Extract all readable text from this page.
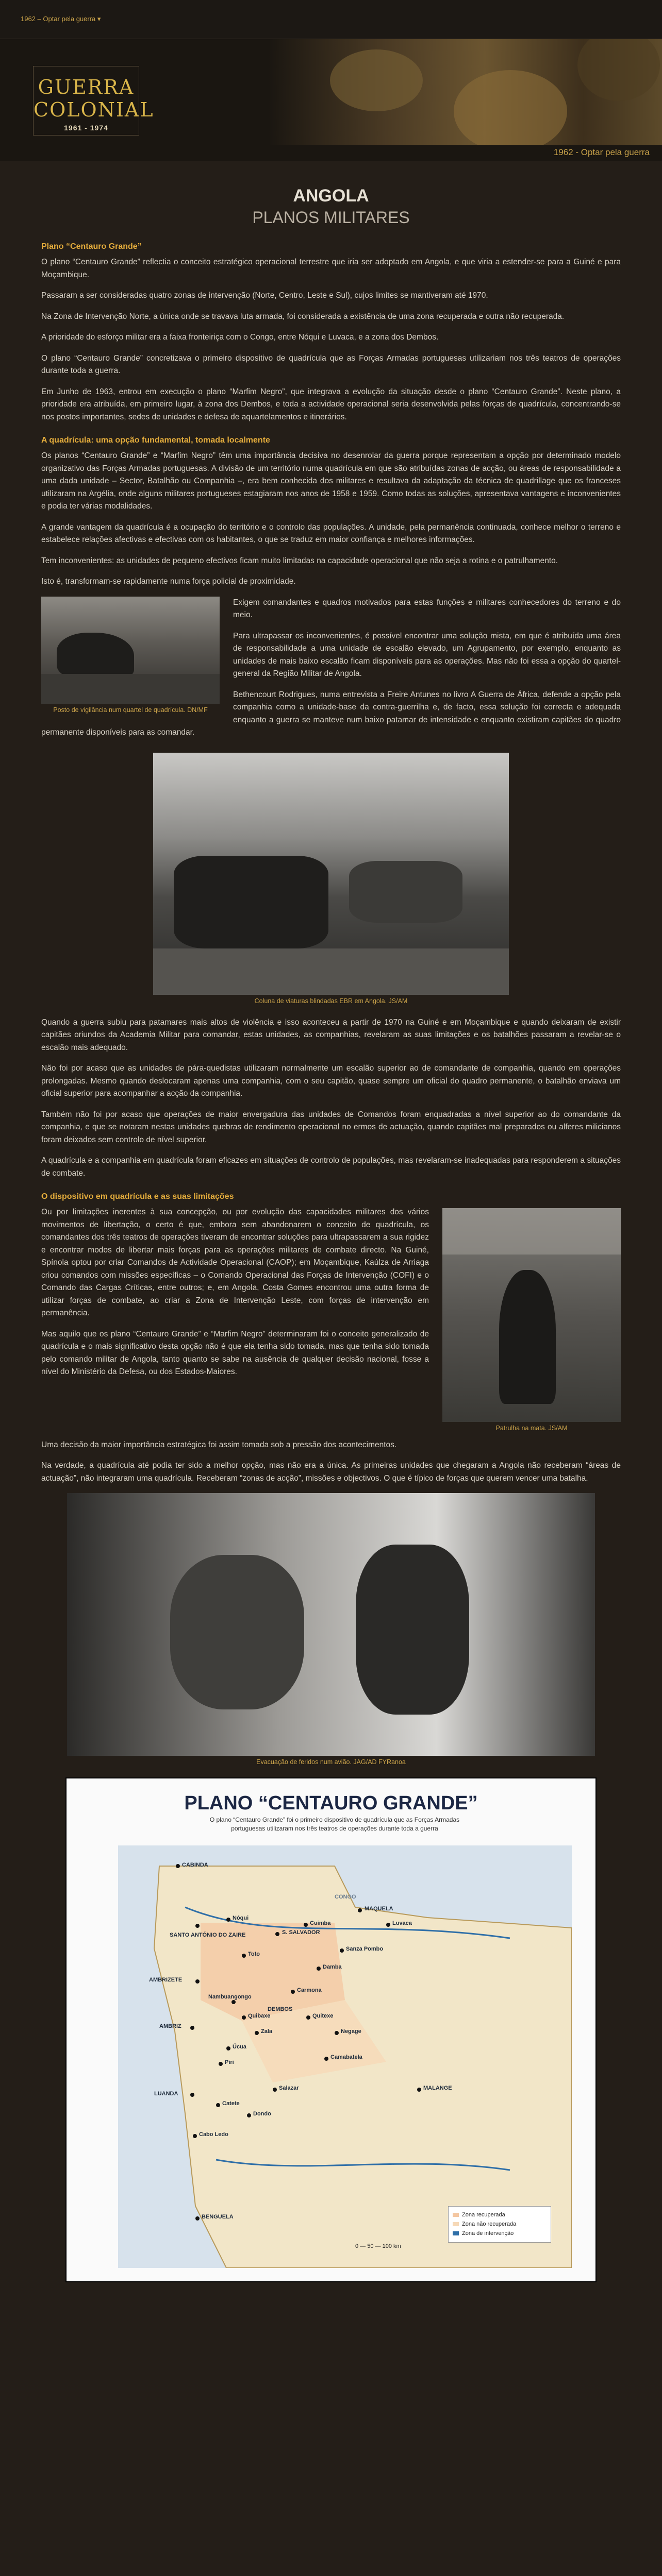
1962 – Optar pela guerra ▾
GUERRA COLONIAL
1961 - 1974
1962 - Optar pela guerra
ANGOLA
PLANOS MILITARES
Plano “Centauro Grande”

O plano “Centauro Grande” reflectia o conceito estratégico operacional terrestre que iria ser adoptado em Angola, e que viria a estender-se para a Guiné e para Moçambique.

Passaram a ser consideradas quatro zonas de intervenção (Norte, Centro, Leste e Sul), cujos limites se mantiveram até 1970.

Na Zona de Intervenção Norte, a única onde se travava luta armada, foi considerada a existência de uma zona recuperada e outra não recuperada.

A prioridade do esforço militar era a faixa fronteiriça com o Congo, entre Nóqui e Luvaca, e a zona dos Dembos.

O plano “Centauro Grande” concretizava o primeiro dispositivo de quadrícula que as Forças Armadas portuguesas utilizariam nos três teatros de operações durante toda a guerra.

Em Junho de 1963, entrou em execução o plano “Marfim Negro”, que integrava a evolução da situação desde o plano “Centauro Grande”. Neste plano, a prioridade era atribuída, em primeiro lugar, à zona dos Dembos, e toda a actividade operacional seria desenvolvida pelas forças de quadrícula, concentrando-se nos postos importantes, sedes de unidades e defesa de aquartelamentos e itinerários.

A quadrícula: uma opção fundamental, tomada localmente

Os planos “Centauro Grande” e “Marfim Negro” têm uma importância decisiva no desenrolar da guerra porque representam a opção por determinado modelo organizativo das Forças Armadas portuguesas. A divisão de um território numa quadrícula em que são atribuídas zonas de acção, ou áreas de responsabilidade a uma dada unidade – Sector, Batalhão ou Companhia –, era bem conhecida dos militares e resultava da adaptação da técnica de quadrillage que os franceses utilizaram na Argélia, onde alguns militares portugueses estagiaram nos anos de 1958 e 1959. Como todas as soluções, apresentava vantagens e inconvenientes e podia ter várias modalidades.

A grande vantagem da quadrícula é a ocupação do território e o controlo das populações. A unidade, pela permanência continuada, conhece melhor o terreno e estabelece relações afectivas e efectivas com os habitantes, o que se traduz em maior confiança e melhores informações.

Tem inconvenientes: as unidades de pequeno efectivos ficam muito limitadas na capacidade operacional que não seja a rotina e o patrulhamento.

Isto é, transformam-se rapidamente numa força policial de proximidade.

Posto de vigilância num quartel de quadrícula. DN/MF

Exigem comandantes e quadros motivados para estas funções e militares conhecedores do terreno e do meio.

Para ultrapassar os inconvenientes, é possível encontrar uma solução mista, em que é atribuída uma área de responsabilidade a uma unidade de escalão elevado, um Agrupamento, por exemplo, enquanto as unidades de mais baixo escalão ficam disponíveis para as operações. Mas não foi essa a opção do quartel-general da Região Militar de Angola.

Bethencourt Rodrigues, numa entrevista a Freire Antunes no livro A Guerra de África, defende a opção pela companhia como a unidade-base da contra-guerrilha e, de facto, essa solução foi correcta e adequada enquanto a guerra se manteve num baixo patamar de intensidade e enquanto existiram capitães do quadro permanente disponíveis para as comandar.

Coluna de viaturas blindadas EBR em Angola. JS/AM

Quando a guerra subiu para patamares mais altos de violência e isso aconteceu a partir de 1970 na Guiné e em Moçambique e quando deixaram de existir capitães oriundos da Academia Militar para comandar, estas unidades, as companhias, revelaram as suas limitações e os batalhões passaram a revelar-se o escalão mais adequado.

Não foi por acaso que as unidades de pára-quedistas utilizaram normalmente um escalão superior ao de comandante de companhia, quando em operações prolongadas. Mesmo quando deslocaram apenas uma companhia, com o seu capitão, quase sempre um oficial do quadro permanente, o batalhão enviava um oficial superior para acompanhar a acção da companhia.

Também não foi por acaso que operações de maior envergadura das unidades de Comandos foram enquadradas a nível superior ao do comandante da companhia, e que se notaram nestas unidades quebras de rendimento operacional no ermos de actuação, quando capitães mal preparados ou alferes milicianos foram deixados sem controlo de nível superior.

A quadrícula e a companhia em quadrícula foram eficazes em situações de controlo de populações, mas revelaram-se inadequadas para responderem a situações de combate.

O dispositivo em quadrícula e as suas limitações
Patrulha na mata. JS/AM

Ou por limitações inerentes à sua concepção, ou por evolução das capacidades militares dos vários movimentos de libertação, o certo é que, embora sem abandonarem o conceito de quadrícula, os comandantes dos três teatros de operações tiveram de encontrar soluções para ultrapassarem a sua rigidez e encontrar modos de libertar mais forças para as operações militares de combate directo. Na Guiné, Spínola optou por criar Comandos de Actividade Operacional (CAOP); em Moçambique, Kaúlza de Arriaga criou comandos com missões específicas – o Comando Operacional das Forças de Intervenção (COFI) e o Comando das Cargas Críticas, entre outros; e, em Angola, Costa Gomes encontrou uma outra forma de utilizar forças de combate, ao criar a Zona de Intervenção Leste, com forças de intervenção em permanência.

Mas aquilo que os plano “Centauro Grande” e “Marfim Negro” determinaram foi o conceito generalizado de quadrícula e o mais significativo desta opção não é que ela tenha sido tomada, mas que tenha sido tomada pelo comando militar de Angola, tanto quanto se sabe na ausência de qualquer decisão nacional, fosse a nível do Ministério da Defesa, ou dos Estados-Maiores.

Uma decisão da maior importância estratégica foi assim tomada sob a pressão dos acontecimentos.

Na verdade, a quadrícula até podia ter sido a melhor opção, mas não era a única. As primeiras unidades que chegaram a Angola não receberam “áreas de actuação”, não integraram uma quadrícula. Receberam “zonas de acção”, missões e objectivos. O que é típico de forças que querem vencer uma batalha.

Evacuação de feridos num avião. JAG/AD FYRanoa
PLANO “CENTAURO GRANDE”
O plano “Centauro Grande” foi o primeiro dispositivo de quadrícula que as Forças Armadas portuguesas utilizaram nos três teatros de operações durante toda a guerra
CABINDA
CONGO
MAQUELA
S. SALVADOR
SANTO ANTÓNIO DO ZAIRE
Nóqui
Toto
Sanza Pombo
Damba
Cuimba	Luvaca
Carmona
AMBRIZETE
AMBRIZ
Quibaxe
Nambuangongo
DEMBOS
Zala
Úcua
Piri
Quitexe
Negage
Camabatela
Salazar
Dondo
LUANDA
MALANGE
Catete
BENGUELA
Cabo Ledo
Zona recuperada
Zona não recuperada
Zona de intervenção
0 — 50 — 100 km
